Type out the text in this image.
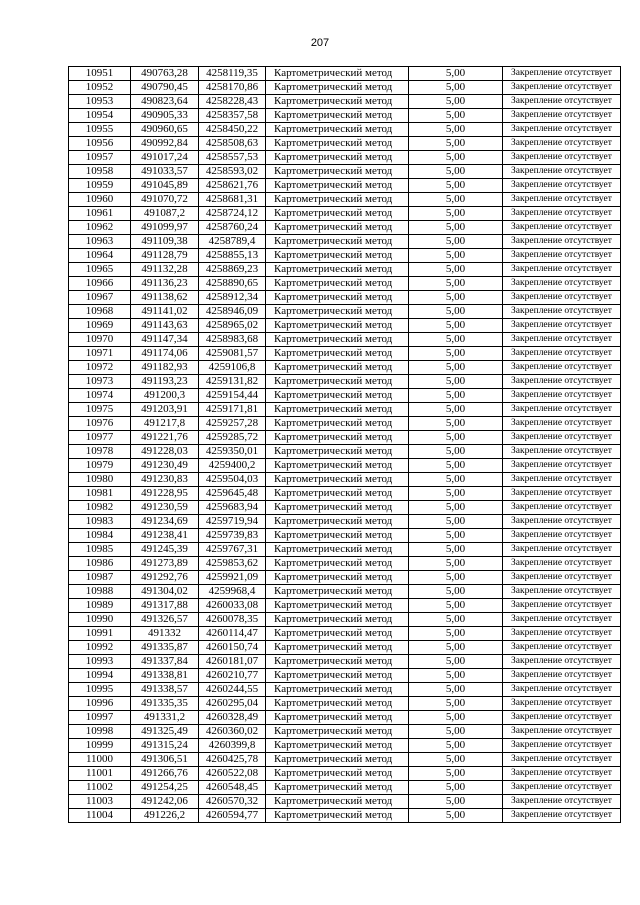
207
10951	490763,28	4258119,35	Картометрический метод	5,00	Закрепление отсутствует
10952	490790,45	4258170,86	Картометрический метод	5,00	Закрепление отсутствует
10953	490823,64	4258228,43	Картометрический метод	5,00	Закрепление отсутствует
10954	490905,33	4258357,58	Картометрический метод	5,00	Закрепление отсутствует
10955	490960,65	4258450,22	Картометрический метод	5,00	Закрепление отсутствует
10956	490992,84	4258508,63	Картометрический метод	5,00	Закрепление отсутствует
10957	491017,24	4258557,53	Картометрический метод	5,00	Закрепление отсутствует
10958	491033,57	4258593,02	Картометрический метод	5,00	Закрепление отсутствует
10959	491045,89	4258621,76	Картометрический метод	5,00	Закрепление отсутствует
10960	491070,72	4258681,31	Картометрический метод	5,00	Закрепление отсутствует
10961	491087,2	4258724,12	Картометрический метод	5,00	Закрепление отсутствует
10962	491099,97	4258760,24	Картометрический метод	5,00	Закрепление отсутствует
10963	491109,38	4258789,4	Картометрический метод	5,00	Закрепление отсутствует
10964	491128,79	4258855,13	Картометрический метод	5,00	Закрепление отсутствует
10965	491132,28	4258869,23	Картометрический метод	5,00	Закрепление отсутствует
10966	491136,23	4258890,65	Картометрический метод	5,00	Закрепление отсутствует
10967	491138,62	4258912,34	Картометрический метод	5,00	Закрепление отсутствует
10968	491141,02	4258946,09	Картометрический метод	5,00	Закрепление отсутствует
10969	491143,63	4258965,02	Картометрический метод	5,00	Закрепление отсутствует
10970	491147,34	4258983,68	Картометрический метод	5,00	Закрепление отсутствует
10971	491174,06	4259081,57	Картометрический метод	5,00	Закрепление отсутствует
10972	491182,93	4259106,8	Картометрический метод	5,00	Закрепление отсутствует
10973	491193,23	4259131,82	Картометрический метод	5,00	Закрепление отсутствует
10974	491200,3	4259154,44	Картометрический метод	5,00	Закрепление отсутствует
10975	491203,91	4259171,81	Картометрический метод	5,00	Закрепление отсутствует
10976	491217,8	4259257,28	Картометрический метод	5,00	Закрепление отсутствует
10977	491221,76	4259285,72	Картометрический метод	5,00	Закрепление отсутствует
10978	491228,03	4259350,01	Картометрический метод	5,00	Закрепление отсутствует
10979	491230,49	4259400,2	Картометрический метод	5,00	Закрепление отсутствует
10980	491230,83	4259504,03	Картометрический метод	5,00	Закрепление отсутствует
10981	491228,95	4259645,48	Картометрический метод	5,00	Закрепление отсутствует
10982	491230,59	4259683,94	Картометрический метод	5,00	Закрепление отсутствует
10983	491234,69	4259719,94	Картометрический метод	5,00	Закрепление отсутствует
10984	491238,41	4259739,83	Картометрический метод	5,00	Закрепление отсутствует
10985	491245,39	4259767,31	Картометрический метод	5,00	Закрепление отсутствует
10986	491273,89	4259853,62	Картометрический метод	5,00	Закрепление отсутствует
10987	491292,76	4259921,09	Картометрический метод	5,00	Закрепление отсутствует
10988	491304,02	4259968,4	Картометрический метод	5,00	Закрепление отсутствует
10989	491317,88	4260033,08	Картометрический метод	5,00	Закрепление отсутствует
10990	491326,57	4260078,35	Картометрический метод	5,00	Закрепление отсутствует
10991	491332	4260114,47	Картометрический метод	5,00	Закрепление отсутствует
10992	491335,87	4260150,74	Картометрический метод	5,00	Закрепление отсутствует
10993	491337,84	4260181,07	Картометрический метод	5,00	Закрепление отсутствует
10994	491338,81	4260210,77	Картометрический метод	5,00	Закрепление отсутствует
10995	491338,57	4260244,55	Картометрический метод	5,00	Закрепление отсутствует
10996	491335,35	4260295,04	Картометрический метод	5,00	Закрепление отсутствует
10997	491331,2	4260328,49	Картометрический метод	5,00	Закрепление отсутствует
10998	491325,49	4260360,02	Картометрический метод	5,00	Закрепление отсутствует
10999	491315,24	4260399,8	Картометрический метод	5,00	Закрепление отсутствует
11000	491306,51	4260425,78	Картометрический метод	5,00	Закрепление отсутствует
11001	491266,76	4260522,08	Картометрический метод	5,00	Закрепление отсутствует
11002	491254,25	4260548,45	Картометрический метод	5,00	Закрепление отсутствует
11003	491242,06	4260570,32	Картометрический метод	5,00	Закрепление отсутствует
11004	491226,2	4260594,77	Картометрический метод	5,00	Закрепление отсутствует
